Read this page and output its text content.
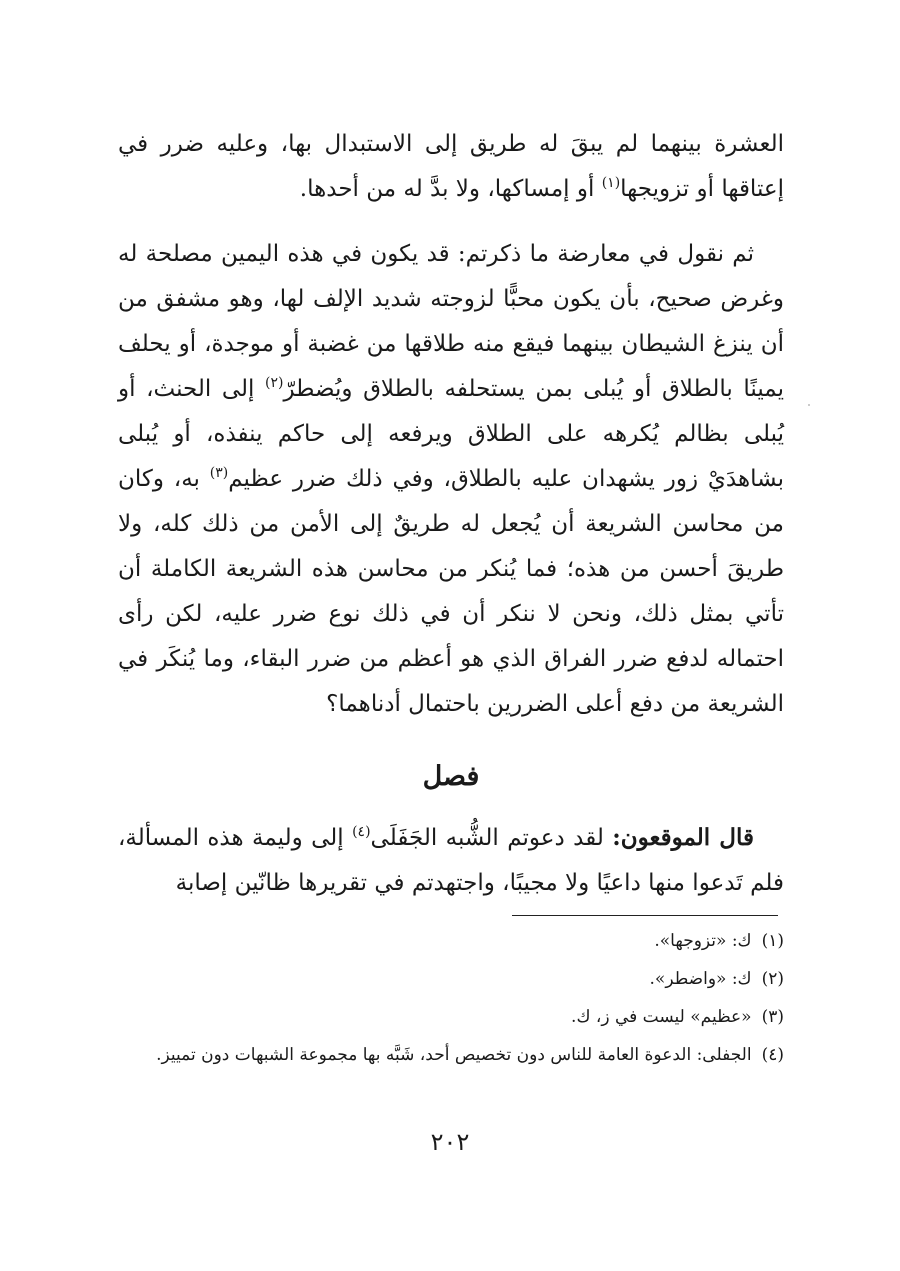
العشرة بينهما لم يبقَ له طريق إلى الاستبدال بها، وعليه ضرر في إعتاقها أو تزويجها$^{(١)}$ أو إمساكها، ولا بدَّ له من أحدها.

ثم نقول في معارضة ما ذكرتم: قد يكون في هذه اليمين مصلحة له وغرض صحيح، بأن يكون محبًّا لزوجته شديد الإلف لها، وهو مشفق من أن ينزغ الشيطان بينهما فيقع منه طلاقها من غضبة أو موجدة، أو يحلف يمينًا بالطلاق أو يُبلى بمن يستحلفه بالطلاق ويُضطرّ$^{(٢)}$ إلى الحنث، أو يُبلى بظالم يُكرهه على الطلاق ويرفعه إلى حاكم ينفذه، أو يُبلى بشاهدَيْ زور يشهدان عليه بالطلاق، وفي ذلك ضرر عظيم$^{(٣)}$ به، وكان من محاسن الشريعة أن يُجعل له طريقٌ إلى الأمن من ذلك كله، ولا طريقَ أحسن من هذه؛ فما يُنكر من محاسن هذه الشريعة الكاملة أن تأتي بمثل ذلك، ونحن لا ننكر أن في ذلك نوع ضرر عليه، لكن رأى احتماله لدفع ضرر الفراق الذي هو أعظم من ضرر البقاء، وما يُنكَر في الشريعة من دفع أعلى الضررين باحتمال أدناهما؟

فصل

قال الموقعون: لقد دعوتم الشُّبه الجَفَلَى$^{(٤)}$ إلى وليمة هذه المسألة، فلم تَدعوا منها داعيًا ولا مجيبًا، واجتهدتم في تقريرها ظانّين إصابة

(١)
ك: «تزوجها».
(٢)
ك: «واضطر».
(٣)
«عظيم» ليست في ز، ك.
(٤)
الجفلى: الدعوة العامة للناس دون تخصيص أحد، شَبَّه بها مجموعة الشبهات دون تمييز.
٢٠٢
